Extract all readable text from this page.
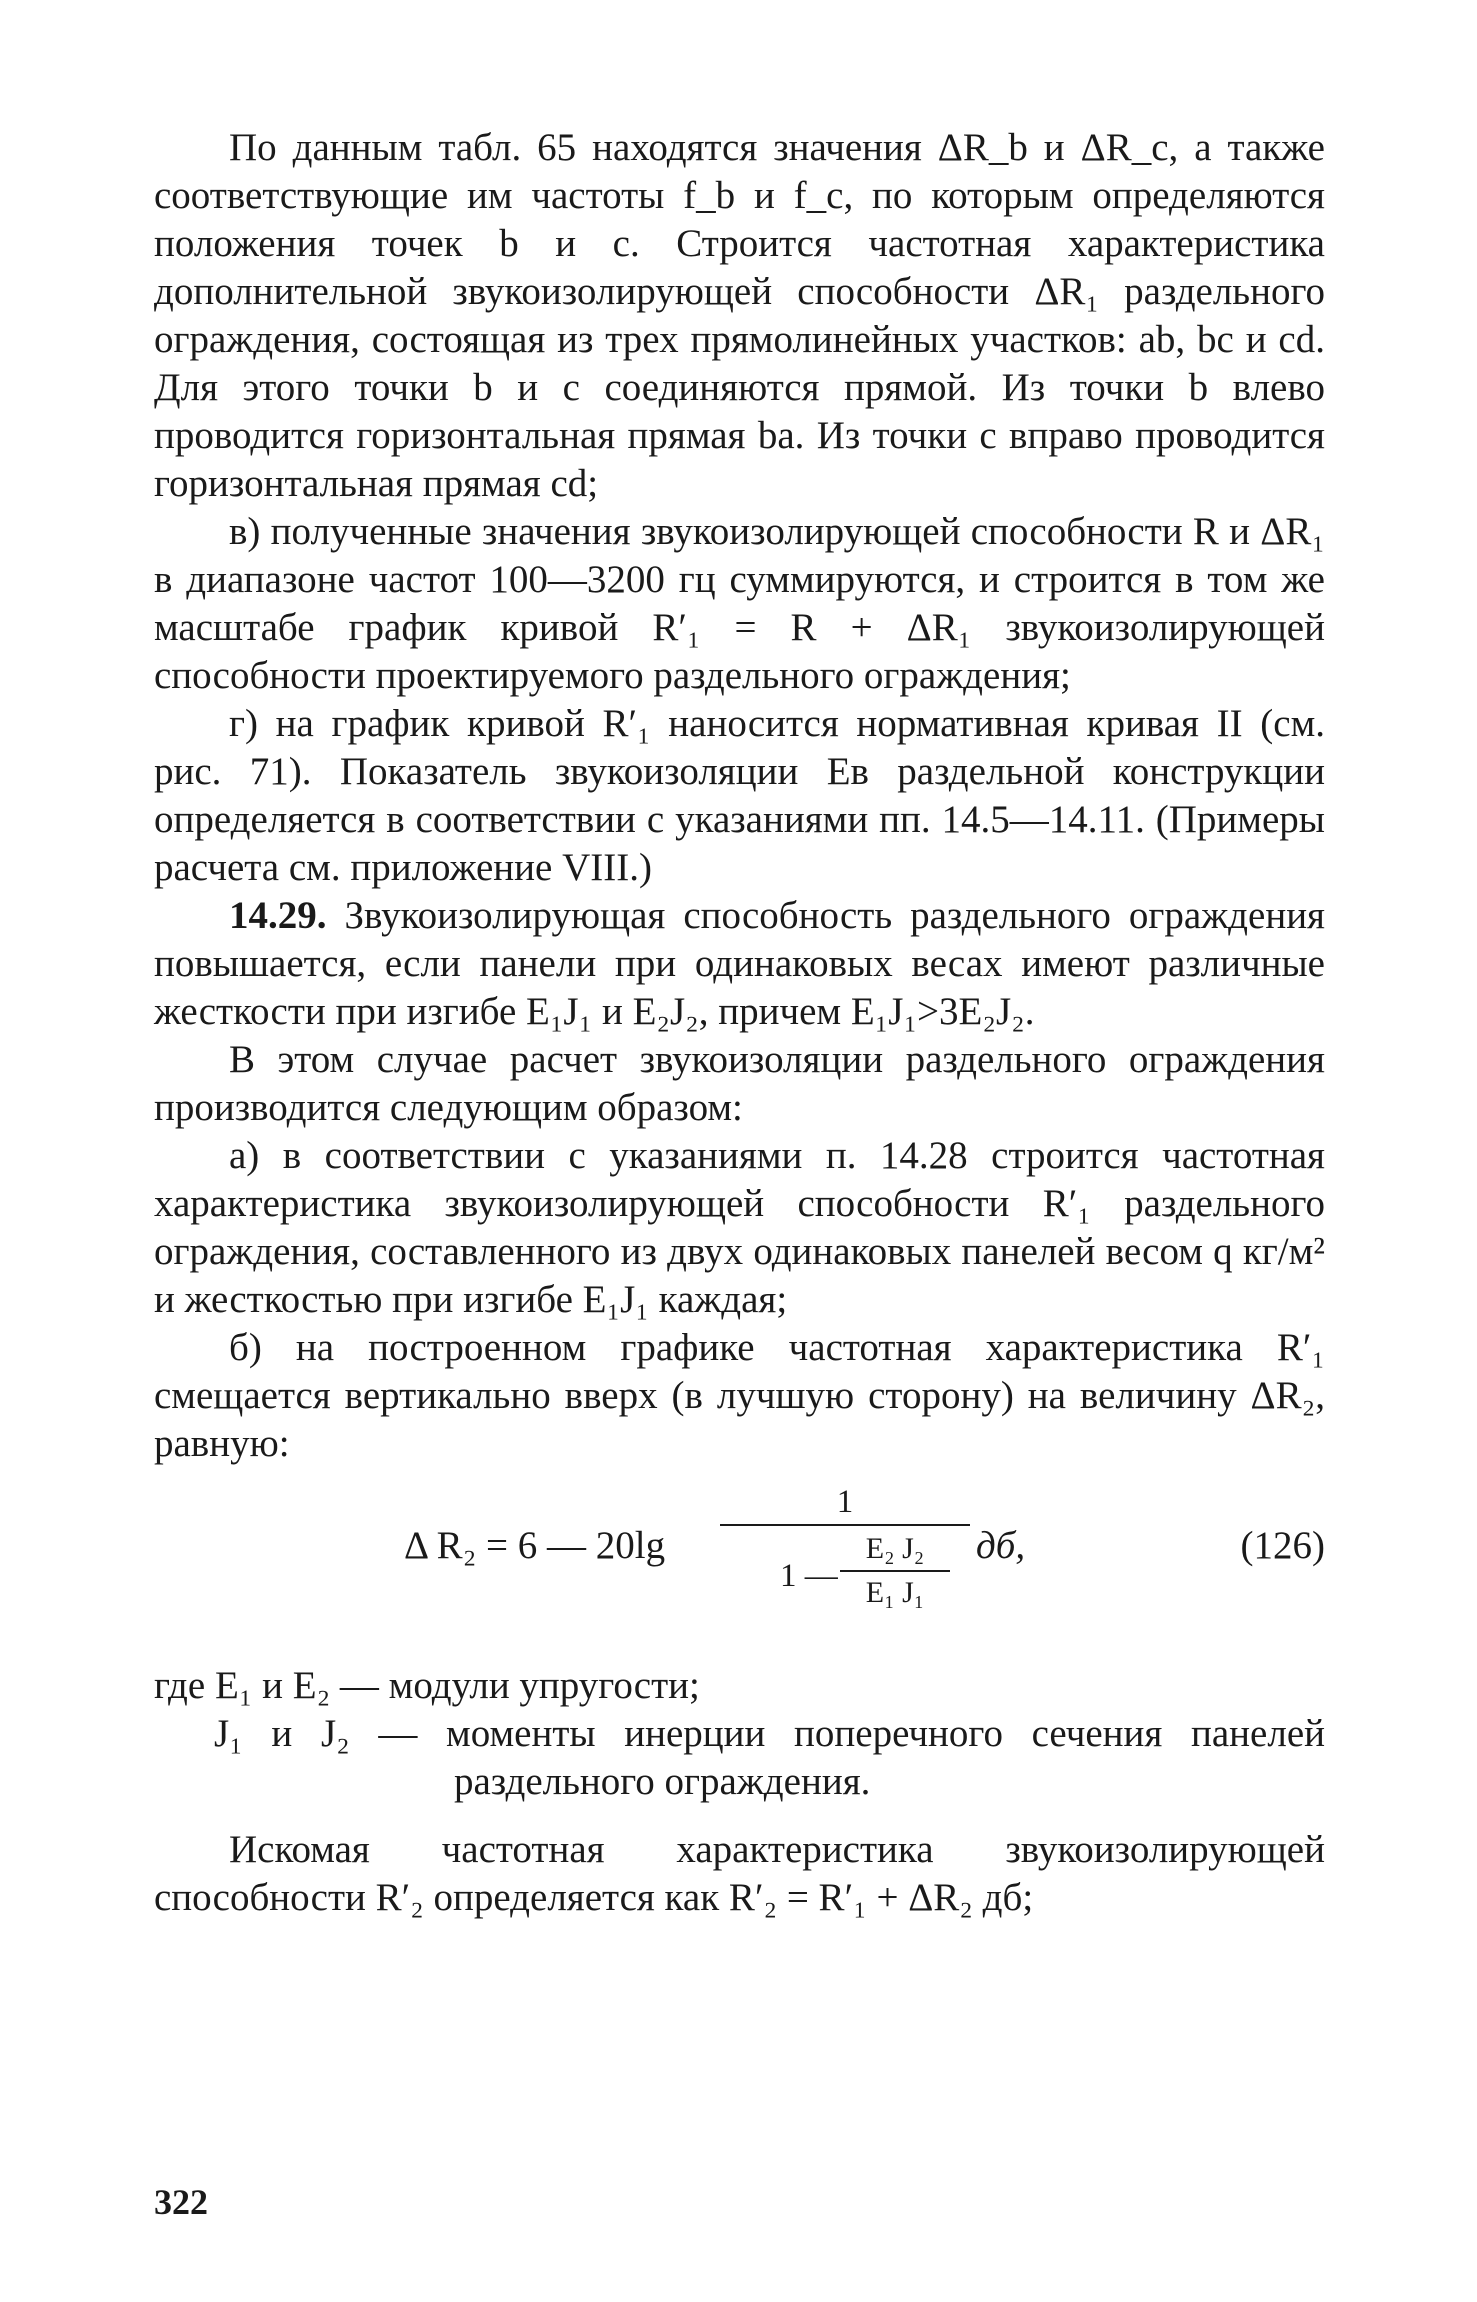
По данным табл. 65 находятся значения ΔR_b и ΔR_c, а также соответствующие им частоты f_b и f_c, по которым определяются положения точек b и c. Строится частотная характеристика дополнительной звукоизолирующей способности ΔR₁ раздельного ограждения, состоящая из трех прямолинейных участков: ab, bc и cd. Для этого точки b и c соединяются прямой. Из точки b влево проводится горизонтальная прямая ba. Из точки c вправо проводится горизонтальная прямая cd;

в) полученные значения звукоизолирующей способности R и ΔR₁ в диапазоне частот 100—3200 гц суммируются, и строится в том же масштабе график кривой R′₁ = R + ΔR₁ звукоизолирующей способности проектируемого раздельного ограждения;

г) на график кривой R′₁ наносится нормативная кривая II (см. рис. 71). Показатель звукоизоляции Eв раздельной конструкции определяется в соответствии с указаниями пп. 14.5—14.11. (Примеры расчета см. приложение VIII.)

14.29. Звукоизолирующая способность раздельного ограждения повышается, если панели при одинаковых весах имеют различные жесткости при изгибе E₁J₁ и E₂J₂, причем E₁J₁>3E₂J₂.

В этом случае расчет звукоизоляции раздельного ограждения производится следующим образом:

а) в соответствии с указаниями п. 14.28 строится частотная характеристика звукоизолирующей способности R′₁ раздельного ограждения, составленного из двух одинаковых панелей весом q кг/м² и жесткостью при изгибе E₁J₁ каждая;

б) на построенном графике частотная характеристика R′₁ смещается вертикально вверх (в лучшую сторону) на величину ΔR₂, равную:

Δ R₂ = 6 — 20lg
1
1 —
E₂ J₂
E₁ J₁
дб,	(126)

где E₁ и E₂ — модули упругости;

J₁ и J₂ — моменты инерции поперечного сечения панелей раздельного ограждения.

Искомая частотная характеристика звукоизолирующей способности R′₂ определяется как R′₂ = R′₁ + ΔR₂ дб;

322
